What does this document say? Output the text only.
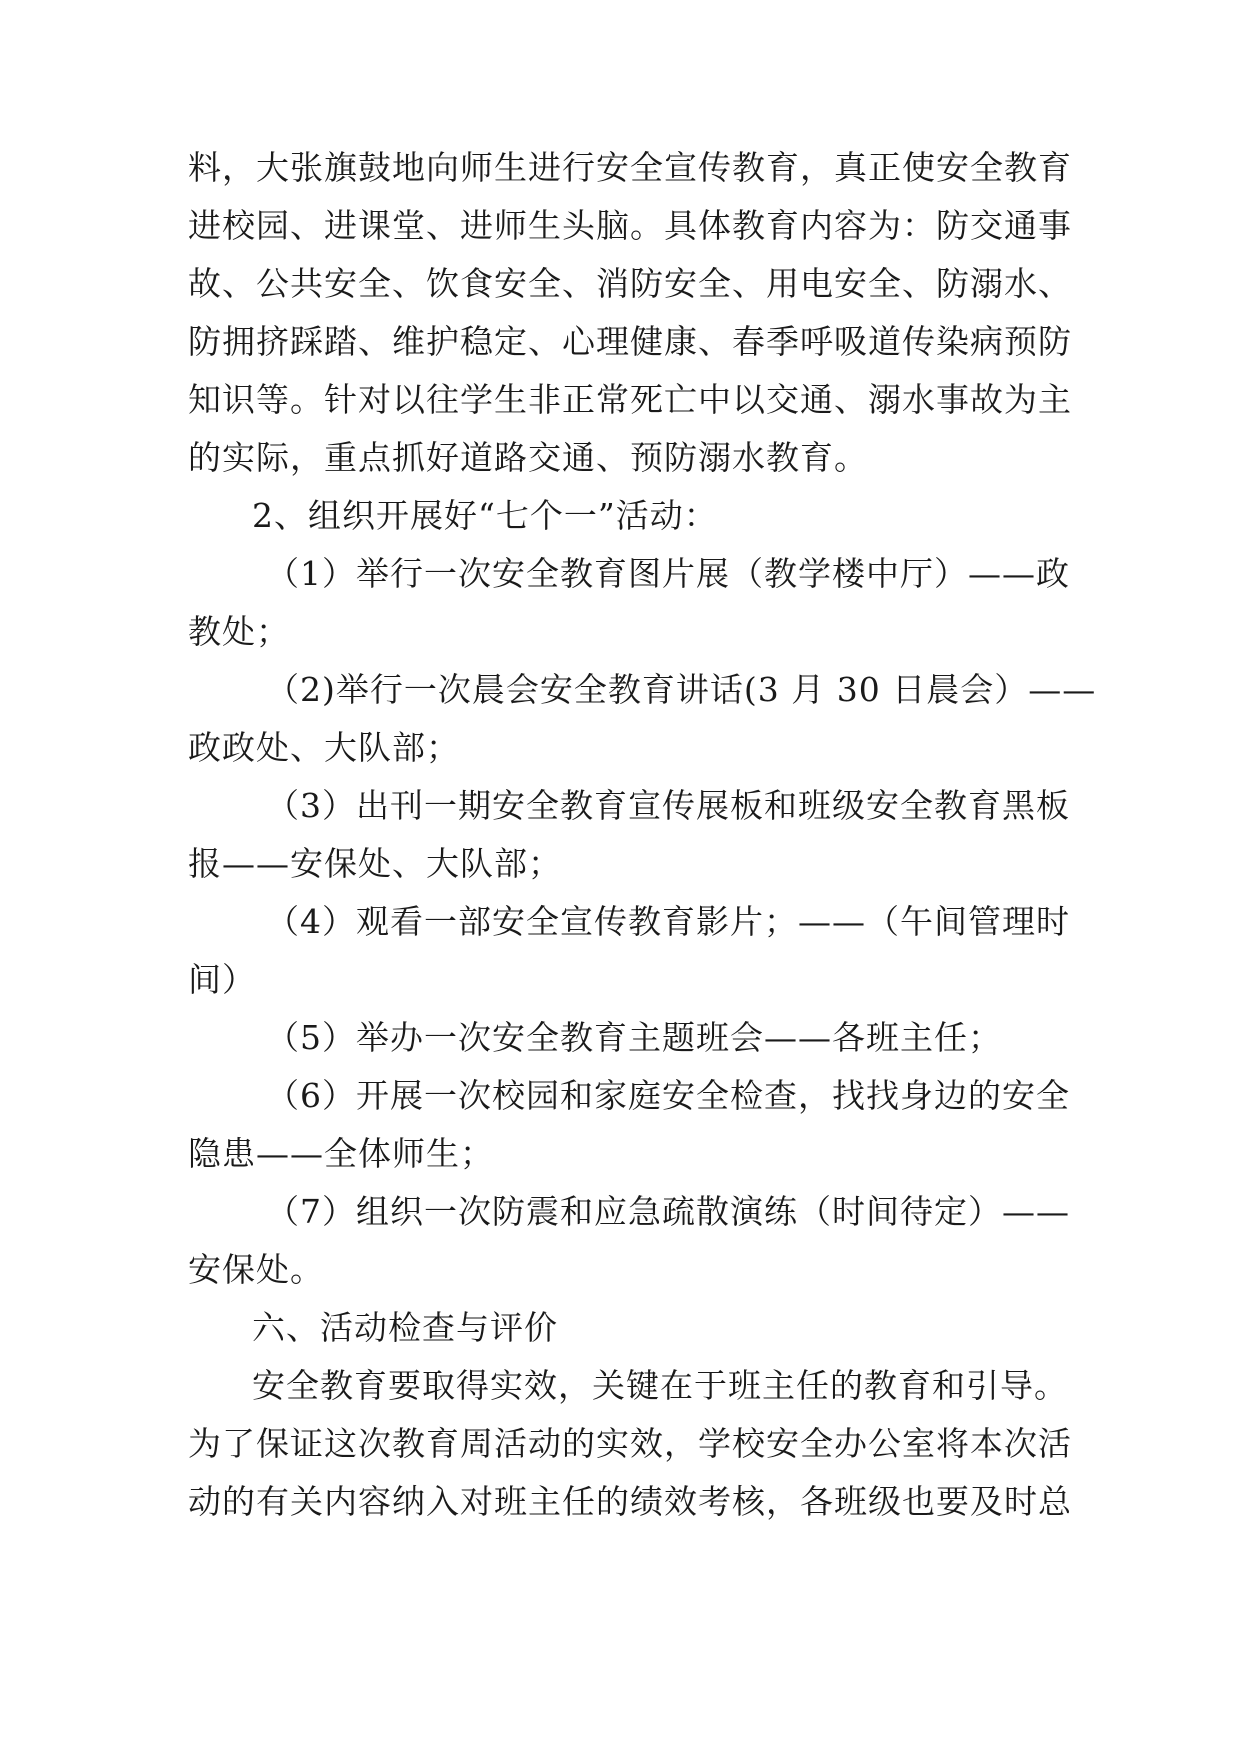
料，大张旗鼓地向师生进行安全宣传教育，真正使安全教育
进校园、进课堂、进师生头脑。具体教育内容为：防交通事
故、公共安全、饮食安全、消防安全、用电安全、防溺水、
防拥挤踩踏、维护稳定、心理健康、春季呼吸道传染病预防
知识等。针对以往学生非正常死亡中以交通、溺水事故为主
的实际，重点抓好道路交通、预防溺水教育。
2、组织开展好“七个一”活动：
（1）举行一次安全教育图片展（教学楼中厅）——政
教处；
（2)举行一次晨会安全教育讲话(3 月 30 日晨会）——
政政处、大队部；
（3）出刊一期安全教育宣传展板和班级安全教育黑板
报——安保处、大队部；
（4）观看一部安全宣传教育影片；——（午间管理时
间）
（5）举办一次安全教育主题班会——各班主任；
（6）开展一次校园和家庭安全检查，找找身边的安全
隐患——全体师生；
（7）组织一次防震和应急疏散演练（时间待定）——
安保处。
六、活动检查与评价
安全教育要取得实效，关键在于班主任的教育和引导。
为了保证这次教育周活动的实效，学校安全办公室将本次活
动的有关内容纳入对班主任的绩效考核，各班级也要及时总
